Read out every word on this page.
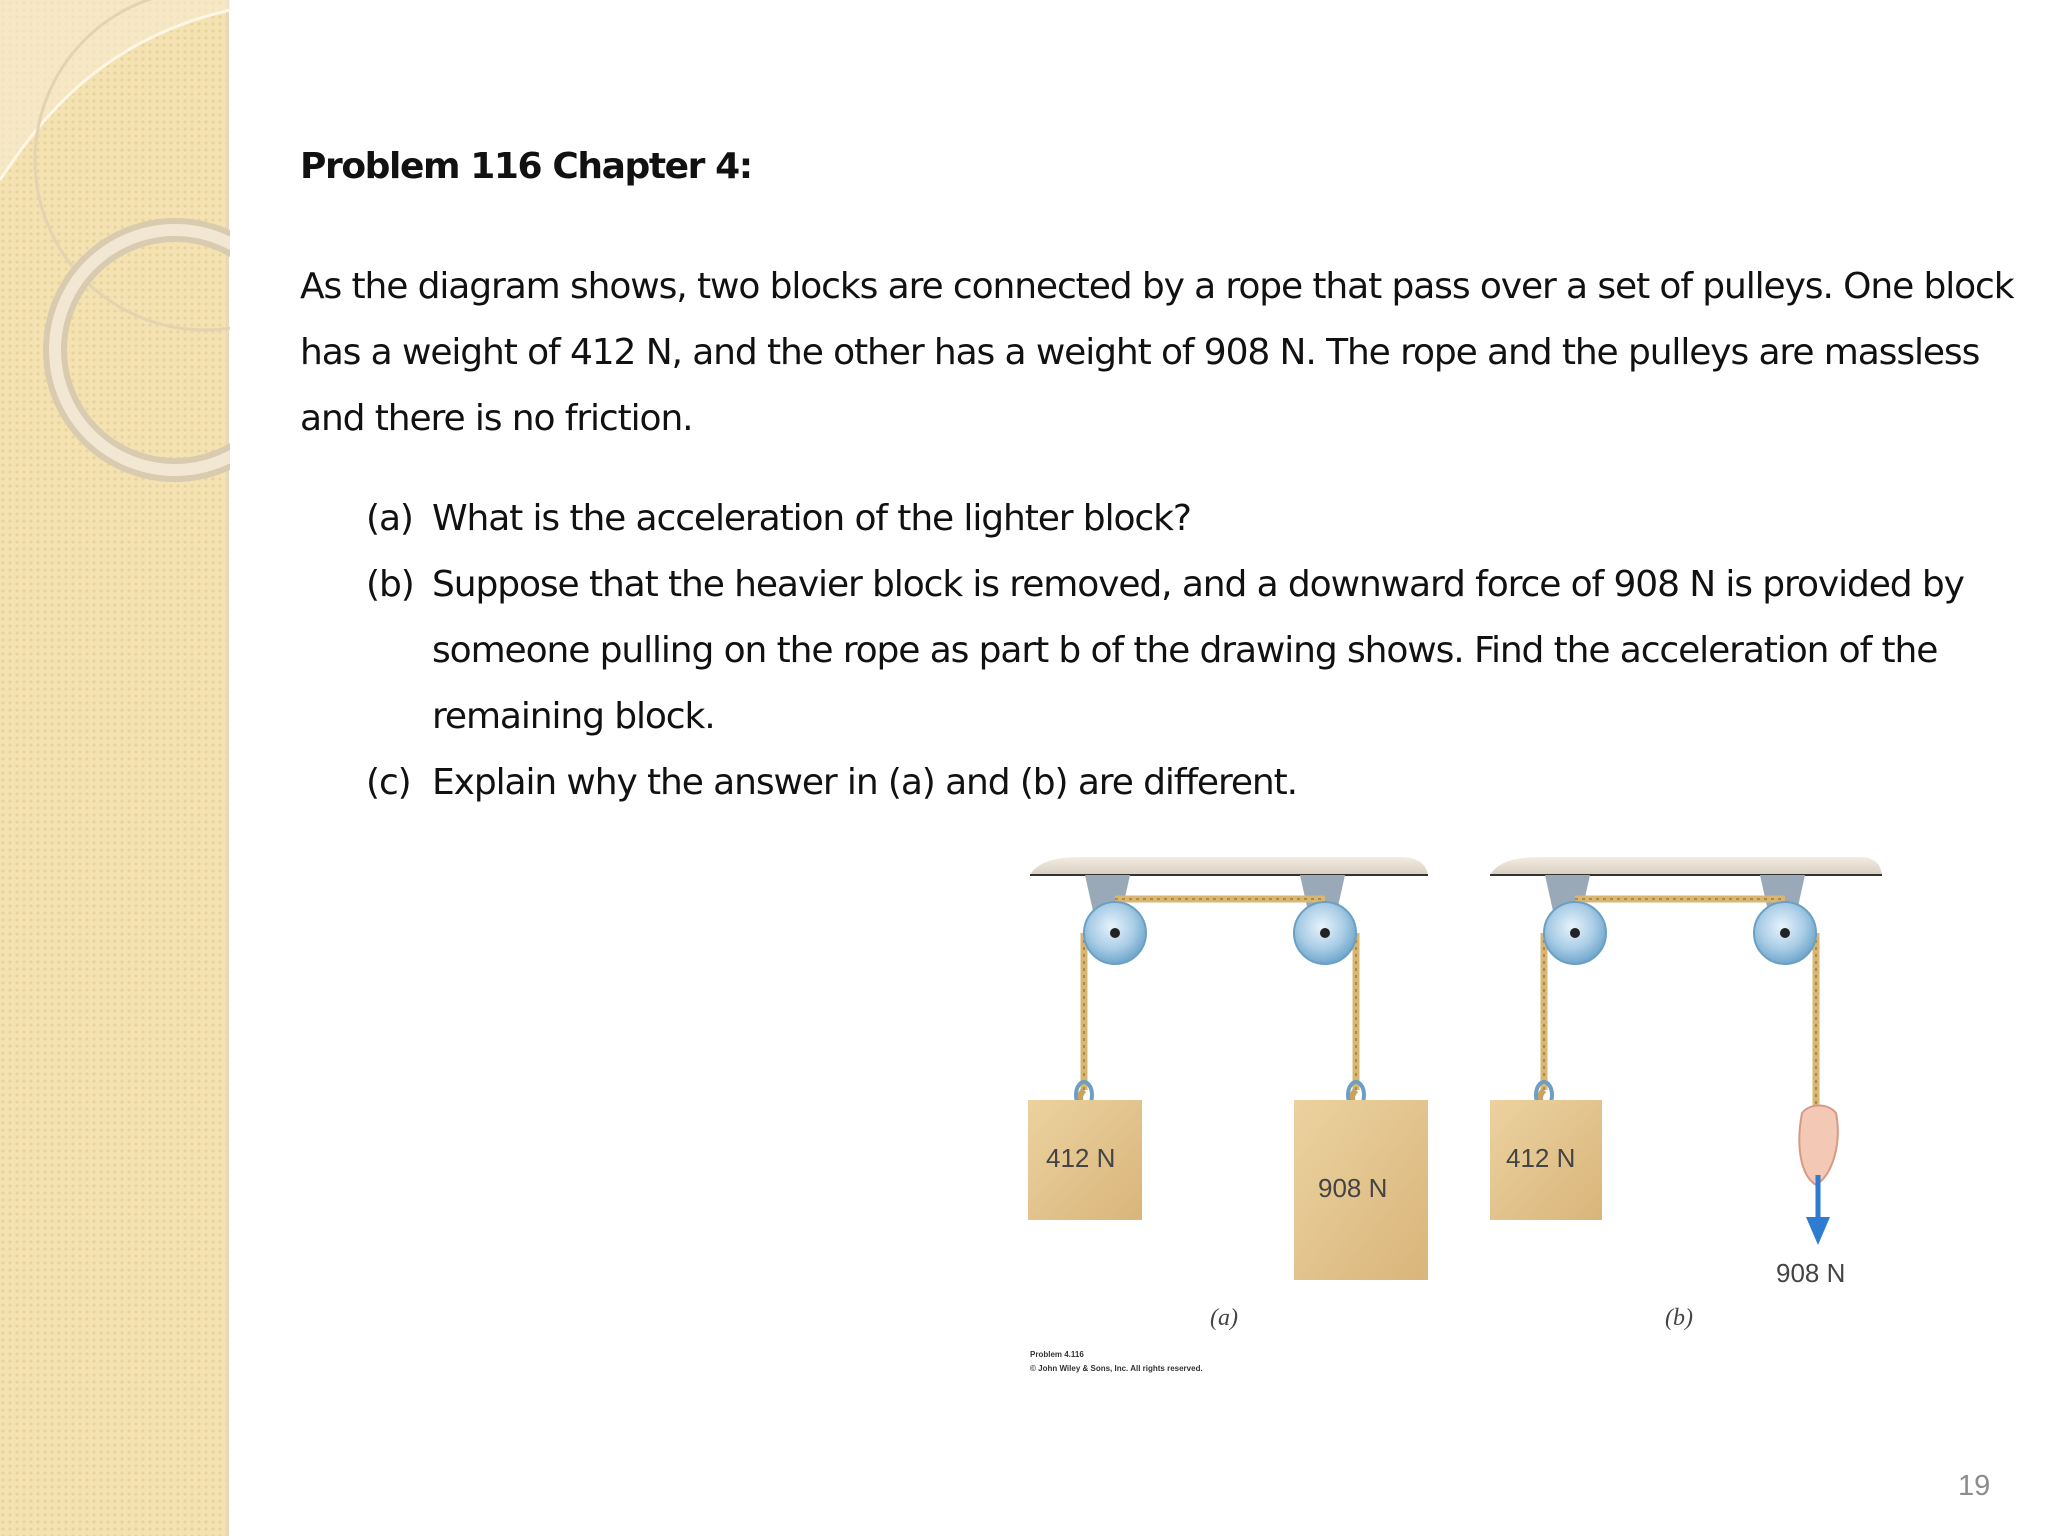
Problem 116 Chapter 4:
As the diagram shows, two blocks are connected by a rope that pass over a set of pulleys. One block
has a weight of 412 N, and the other has a weight of 908 N. The rope and the pulleys are massless
and there is no friction.
(a) What is the acceleration of the lighter block?
(b) Suppose that the heavier block is removed, and a downward force of 908 N is provided by
someone pulling on the rope as part b of the drawing shows. Find the acceleration of the
remaining block.
(c) Explain why the answer in (a) and (b) are different.
412 N
908 N
(a)
412 N
908 N
(b)
Problem 4.116
© John Wiley & Sons, Inc. All rights reserved.
19
